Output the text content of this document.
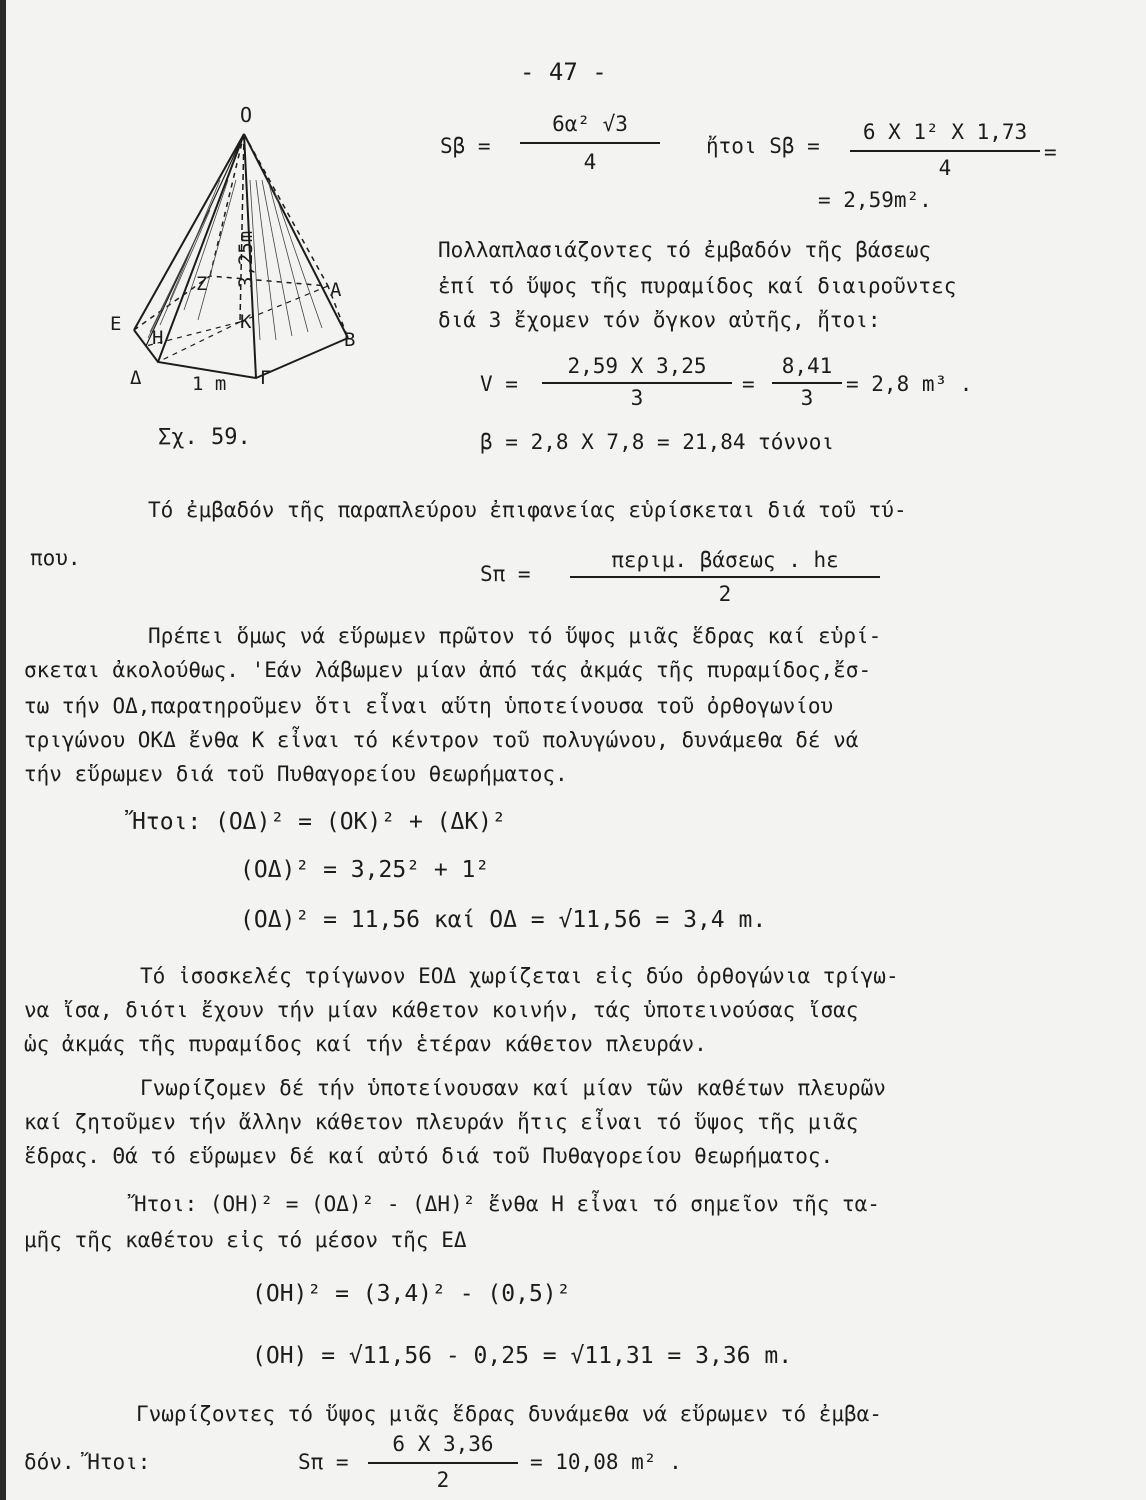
- 47 -
O
3,25m
Z
K
H
E
A
B
Δ	Γ
1 m
Σχ. 59.
Sβ =
6α² √3
4
ἤτοι Sβ =
6 X 1² X 1,73
4
=
= 2,59m².
Πολλαπλασιάζοντες τό ἐμβαδόν τῆς βάσεως
ἐπί τό ὕψος τῆς πυραμίδος καί διαιροῦντες
διά 3 ἔχομεν τόν ὄγκον αὐτῆς, ἤτοι:
V =
2,59 X 3,25
3
=
8,41
3
= 2,8 m³ .
β = 2,8 X 7,8 = 21,84 τόννοι
Τό ἐμβαδόν τῆς παραπλεύρου ἐπιφανείας εὑρίσκεται διά τοῦ τύ-
που.
Sπ =
περιμ. βάσεως . hε
2
Πρέπει ὅμως νά εὕρωμεν πρῶτον τό ὕψος μιᾶς ἕδρας καί εὑρί-
σκεται ἀκολούθως. 'Εάν λάβωμεν μίαν ἀπό τάς ἀκμάς τῆς πυραμίδος,ἔσ-
τω τήν ΟΔ,παρατηροῦμεν ὅτι εἶναι αὕτη ὑποτείνουσα τοῦ ὀρθογωνίου
τριγώνου ΟΚΔ ἔνθα Κ εἶναι τό κέντρον τοῦ πολυγώνου, δυνάμεθα δέ νά
τήν εὕρωμεν διά τοῦ Πυθαγορείου θεωρήματος.
Ἤτοι: (ΟΔ)² = (ΟΚ)² + (ΔΚ)²
(ΟΔ)² = 3,25² + 1²
(ΟΔ)² = 11,56 καί ΟΔ = √11,56 = 3,4 m.
Τό ἰσοσκελές τρίγωνον ΕΟΔ χωρίζεται εἰς δύο ὀρθογώνια τρίγω-
να ἴσα, διότι ἔχουν τήν μίαν κάθετον κοινήν, τάς ὑποτεινούσας ἴσας
ὡς ἀκμάς τῆς πυραμίδος καί τήν ἑτέραν κάθετον πλευράν.
Γνωρίζομεν δέ τήν ὑποτείνουσαν καί μίαν τῶν καθέτων πλευρῶν
καί ζητοῦμεν τήν ἄλλην κάθετον πλευράν ἥτις εἶναι τό ὕψος τῆς μιᾶς
ἕδρας. Θά τό εὕρωμεν δέ καί αὐτό διά τοῦ Πυθαγορείου θεωρήματος.
Ἤτοι: (ΟΗ)² = (ΟΔ)² - (ΔΗ)² ἔνθα Η εἶναι τό σημεῖον τῆς τα-
μῆς τῆς καθέτου εἰς τό μέσον τῆς ΕΔ
(ΟΗ)² = (3,4)² - (0,5)²
(ΟΗ) = √11,56 - 0,25 = √11,31 = 3,36 m.
Γνωρίζοντες τό ὕψος μιᾶς ἕδρας δυνάμεθα νά εὕρωμεν τό ἐμβα-
δόν. Ἤτοι:	Sπ =
6 X 3,36
2
= 10,08 m² .
